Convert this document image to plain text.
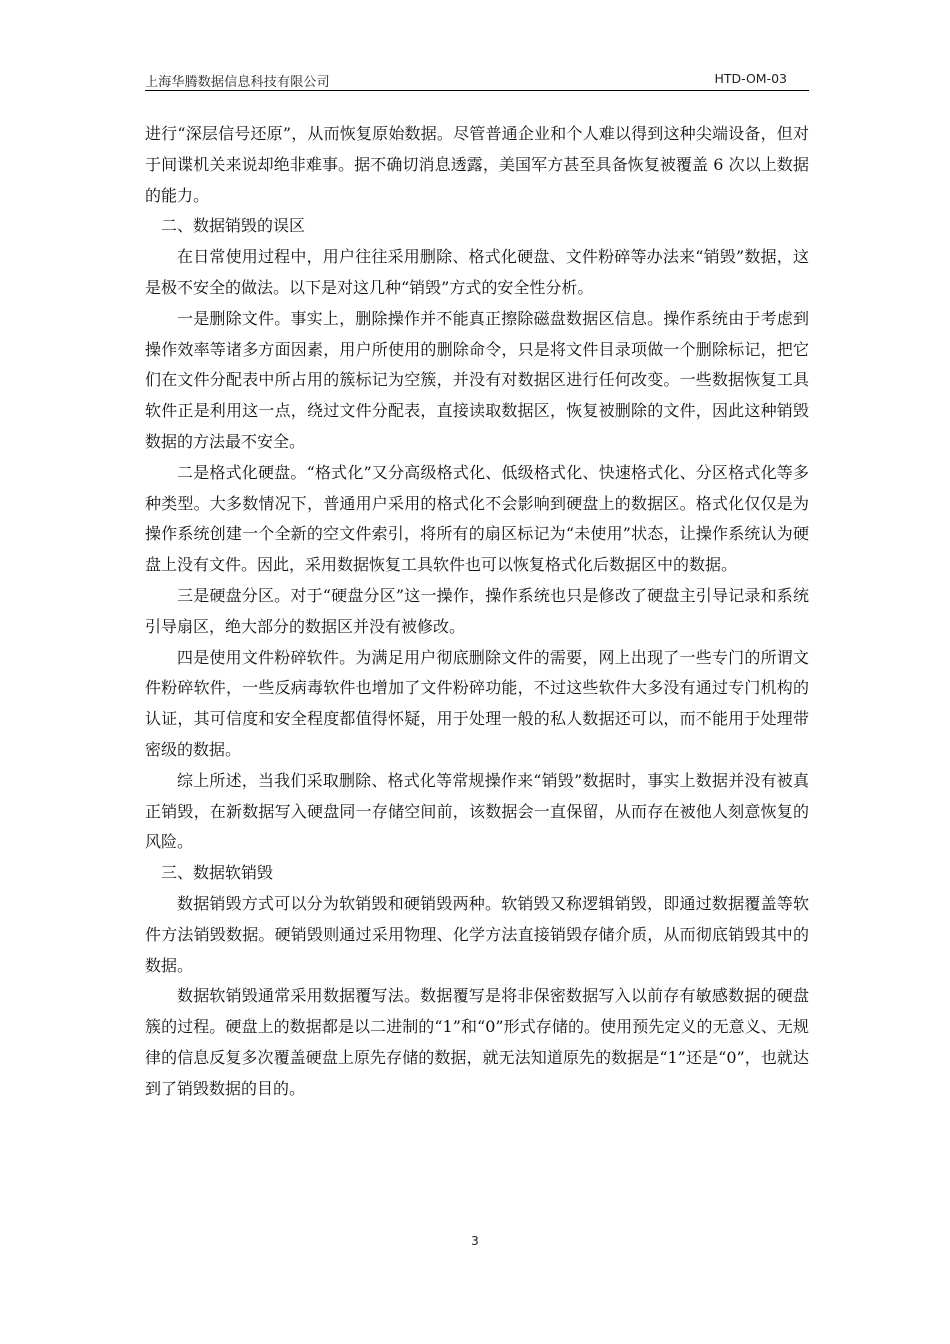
上海华腾数据信息科技有限公司	HTD-OM-03

进行“深层信号还原”，从而恢复原始数据。尽管普通企业和个人难以得到这种尖端设备，但对于间谍机关来说却绝非难事。据不确切消息透露，美国军方甚至具备恢复被覆盖 6 次以上数据的能力。

二、数据销毁的误区

在日常使用过程中，用户往往采用删除、格式化硬盘、文件粉碎等办法来“销毁”数据，这是极不安全的做法。以下是对这几种“销毁”方式的安全性分析。

一是删除文件。事实上，删除操作并不能真正擦除磁盘数据区信息。操作系统由于考虑到操作效率等诸多方面因素，用户所使用的删除命令，只是将文件目录项做一个删除标记，把它们在文件分配表中所占用的簇标记为空簇，并没有对数据区进行任何改变。一些数据恢复工具软件正是利用这一点，绕过文件分配表，直接读取数据区，恢复被删除的文件，因此这种销毁数据的方法最不安全。

二是格式化硬盘。“格式化”又分高级格式化、低级格式化、快速格式化、分区格式化等多种类型。大多数情况下，普通用户采用的格式化不会影响到硬盘上的数据区。格式化仅仅是为操作系统创建一个全新的空文件索引，将所有的扇区标记为“未使用”状态，让操作系统认为硬盘上没有文件。因此，采用数据恢复工具软件也可以恢复格式化后数据区中的数据。

三是硬盘分区。对于“硬盘分区”这一操作，操作系统也只是修改了硬盘主引导记录和系统引导扇区，绝大部分的数据区并没有被修改。

四是使用文件粉碎软件。为满足用户彻底删除文件的需要，网上出现了一些专门的所谓文件粉碎软件，一些反病毒软件也增加了文件粉碎功能，不过这些软件大多没有通过专门机构的认证，其可信度和安全程度都值得怀疑，用于处理一般的私人数据还可以，而不能用于处理带密级的数据。

综上所述，当我们采取删除、格式化等常规操作来“销毁”数据时，事实上数据并没有被真正销毁，在新数据写入硬盘同一存储空间前，该数据会一直保留，从而存在被他人刻意恢复的风险。

三、数据软销毁

数据销毁方式可以分为软销毁和硬销毁两种。软销毁又称逻辑销毁，即通过数据覆盖等软件方法销毁数据。硬销毁则通过采用物理、化学方法直接销毁存储介质，从而彻底销毁其中的数据。

数据软销毁通常采用数据覆写法。数据覆写是将非保密数据写入以前存有敏感数据的硬盘簇的过程。硬盘上的数据都是以二进制的“1”和“0”形式存储的。使用预先定义的无意义、无规律的信息反复多次覆盖硬盘上原先存储的数据，就无法知道原先的数据是“1”还是“0”，也就达到了销毁数据的目的。

3
